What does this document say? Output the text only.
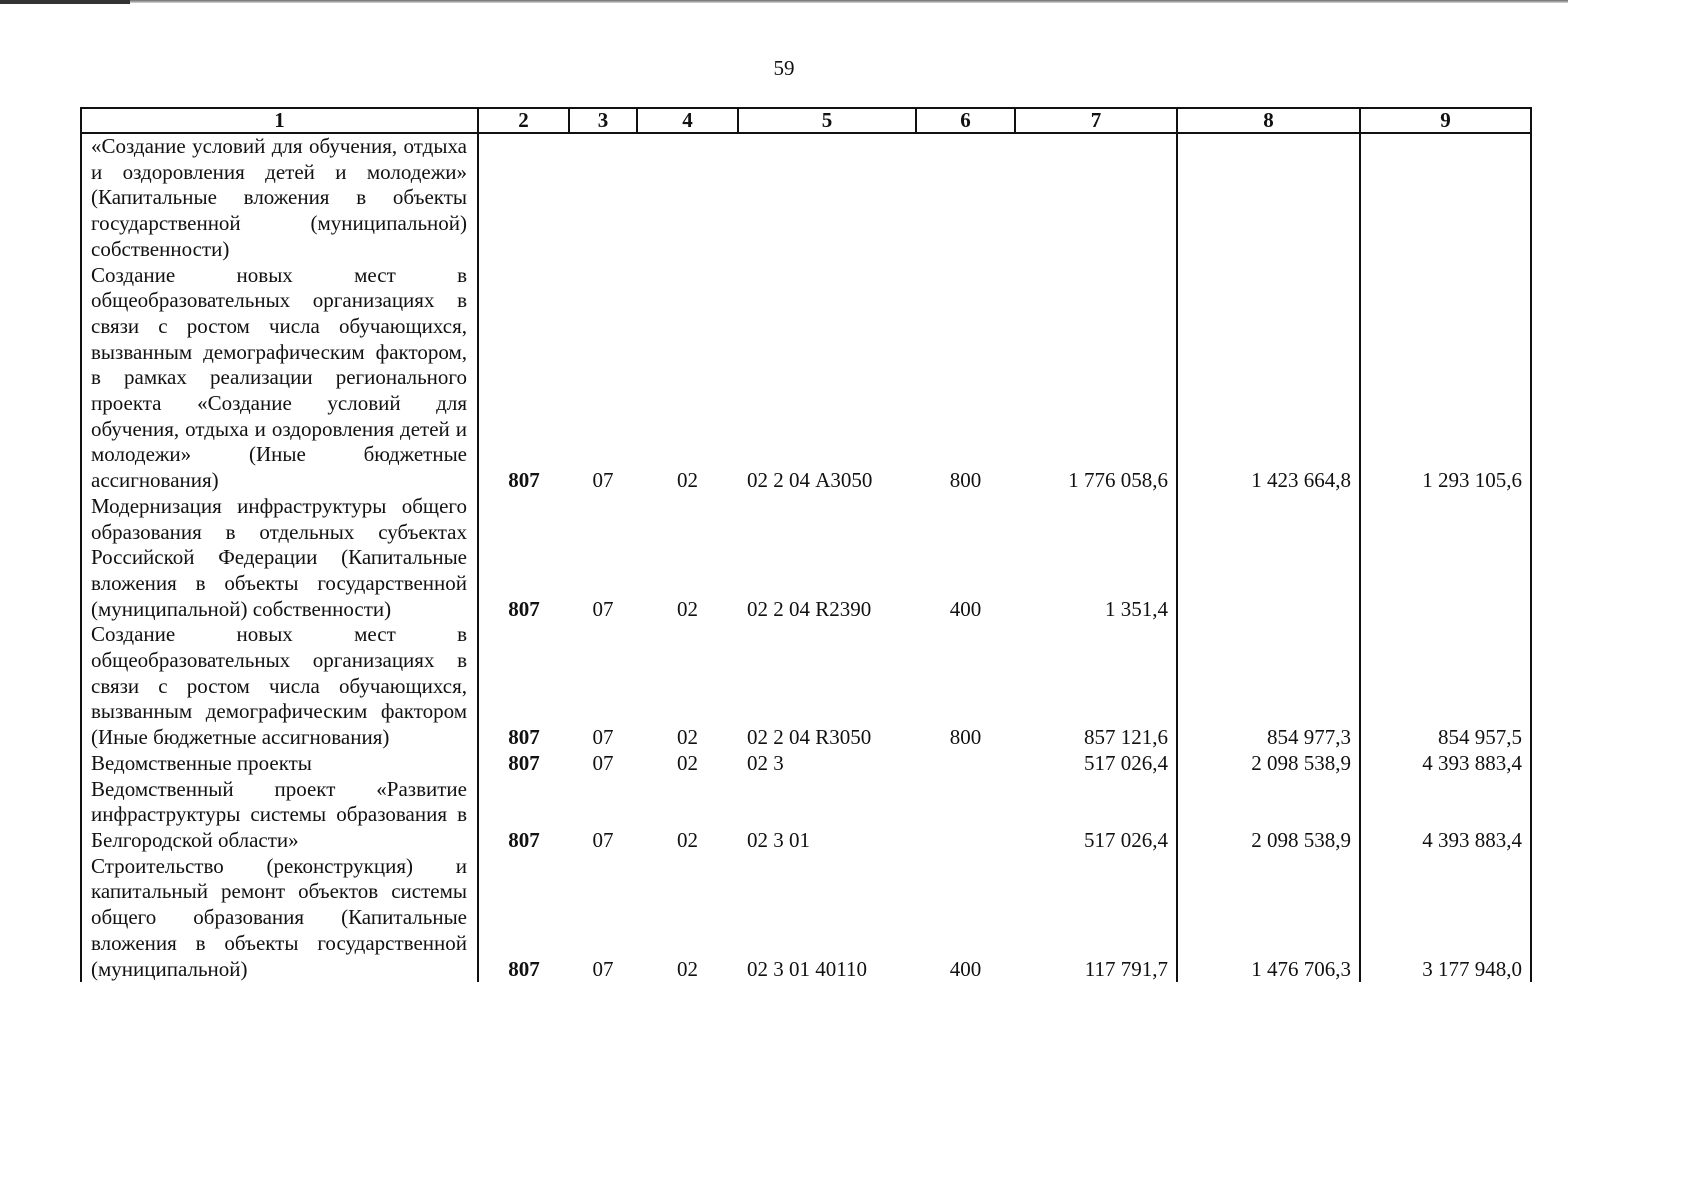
59
1	2	3	4	5	6	7	8	9
«Создание условий для обучения, отдыха и оздоровления детей и молодежи» (Капитальные вложения в объекты государственной (муниципальной) собственности)								
Создание новых мест в общеобразовательных организациях в связи с ростом числа обучающихся, вызванным демографическим фактором, в рамках реализации регионального проекта «Создание условий для обучения, отдыха и оздоровления детей и молодежи» (Иные бюджетные ассигнования)	807	07	02	02 2 04 А3050	800	1 776 058,6	1 423 664,8	1 293 105,6
Модернизация инфраструктуры общего образования в отдельных субъектах Российской Федерации (Капитальные вложения в объекты государственной (муниципальной) собственности)	807	07	02	02 2 04 R2390	400	1 351,4		
Создание новых мест в общеобразовательных организациях в связи с ростом числа обучающихся, вызванным демографическим фактором (Иные бюджетные ассигнования)	807	07	02	02 2 04 R3050	800	857 121,6	854 977,3	854 957,5
Ведомственные проекты	807	07	02	02 3		517 026,4	2 098 538,9	4 393 883,4
Ведомственный проект «Развитие инфраструктуры системы образования в Белгородской области»	807	07	02	02 3 01		517 026,4	2 098 538,9	4 393 883,4
Строительство (реконструкция) и капитальный ремонт объектов системы общего образования (Капитальные вложения в объекты государственной (муниципальной)	807	07	02	02 3 01 40110	400	117 791,7	1 476 706,3	3 177 948,0
